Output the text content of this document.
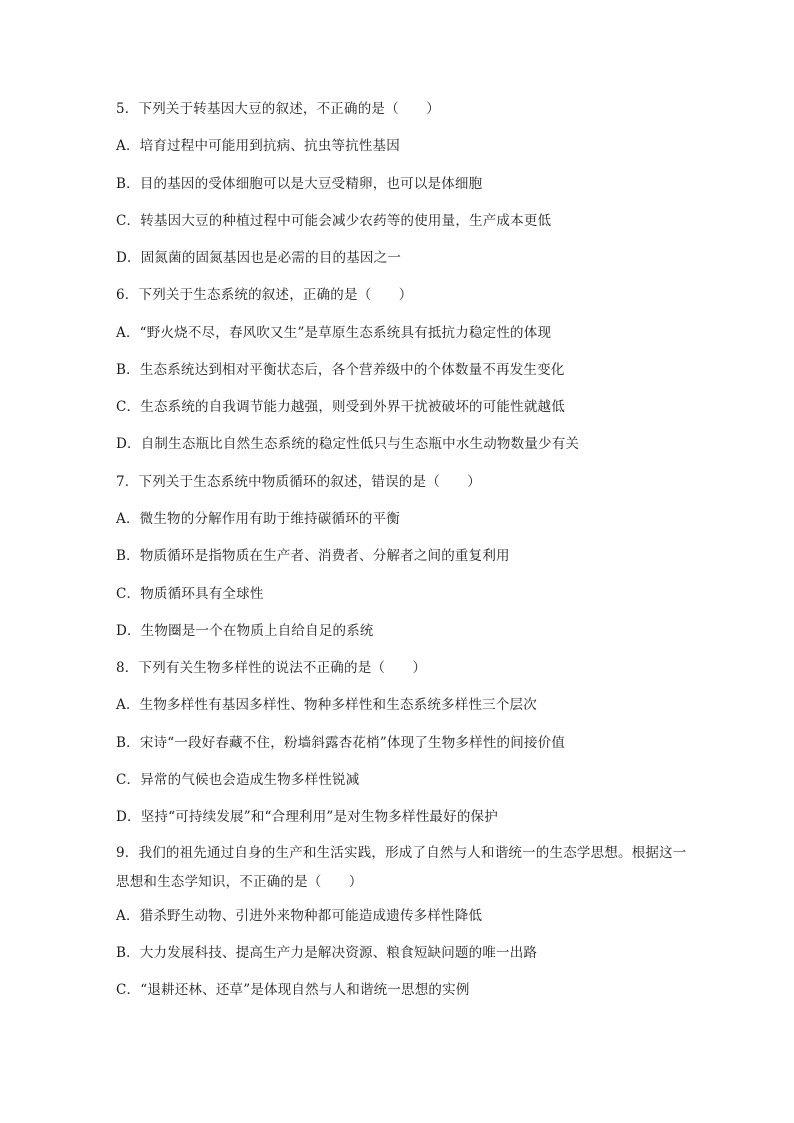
5．下列关于转基因大豆的叙述，不正确的是（　　）
A．培育过程中可能用到抗病、抗虫等抗性基因
B．目的基因的受体细胞可以是大豆受精卵，也可以是体细胞
C．转基因大豆的种植过程中可能会减少农药等的使用量，生产成本更低
D．固氮菌的固氮基因也是必需的目的基因之一
6．下列关于生态系统的叙述，正确的是（　　）
A．“野火烧不尽，春风吹又生”是草原生态系统具有抵抗力稳定性的体现
B．生态系统达到相对平衡状态后，各个营养级中的个体数量不再发生变化
C．生态系统的自我调节能力越强，则受到外界干扰被破坏的可能性就越低
D．自制生态瓶比自然生态系统的稳定性低只与生态瓶中水生动物数量少有关
7．下列关于生态系统中物质循环的叙述，错误的是（　　）
A．微生物的分解作用有助于维持碳循环的平衡
B．物质循环是指物质在生产者、消费者、分解者之间的重复利用
C．物质循环具有全球性
D．生物圈是一个在物质上自给自足的系统
8．下列有关生物多样性的说法不正确的是（　　）
A．生物多样性有基因多样性、物种多样性和生态系统多样性三个层次
B．宋诗“一段好春藏不住，粉墙斜露杏花梢”体现了生物多样性的间接价值
C．异常的气候也会造成生物多样性锐减
D．坚持“可持续发展”和“合理利用”是对生物多样性最好的保护
9．我们的祖先通过自身的生产和生活实践，形成了自然与人和谐统一的生态学思想。根据这一思想和生态学知识，不正确的是（　　）
A．猎杀野生动物、引进外来物种都可能造成遗传多样性降低
B．大力发展科技、提高生产力是解决资源、粮食短缺问题的唯一出路
C．“退耕还林、还草”是体现自然与人和谐统一思想的实例
